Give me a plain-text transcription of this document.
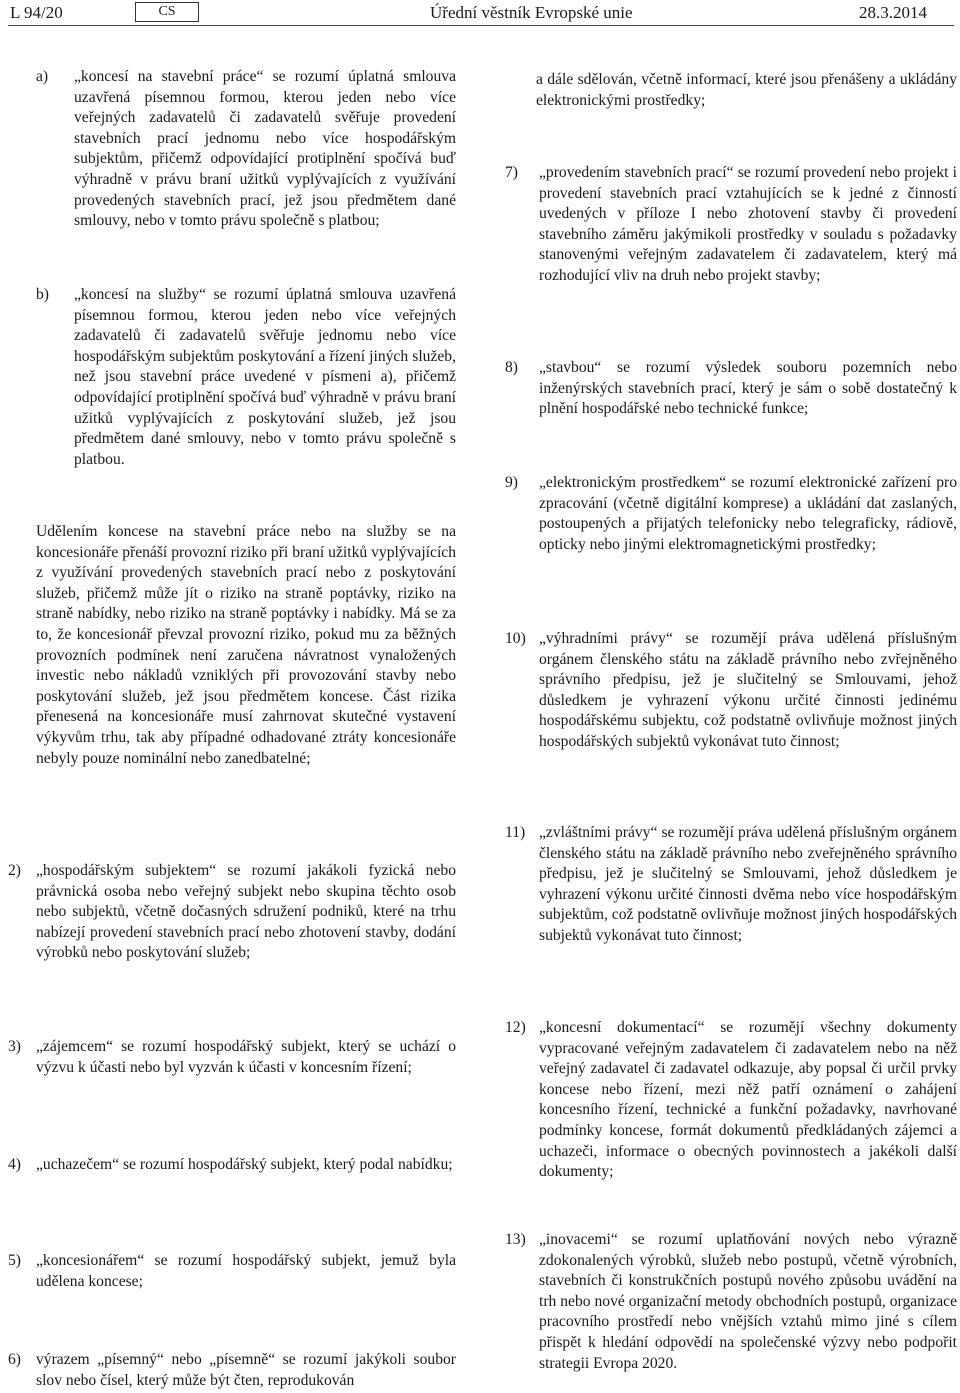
L 94/20	CS	Úřední věstník Evropské unie	28.3.2014
a)	„koncesí na stavební práce“ se rozumí úplatná smlouva uzavřená písemnou formou, kterou jeden nebo více veřejných zadavatelů či zadavatelů svěřuje provedení stavebních prací jednomu nebo více hospodářským subjektům, přičemž odpovídající protiplnění spočívá buď výhradně v právu braní užitků vyplývajících z využívání provedených stavebních prací, jež jsou předmětem dané smlouvy, nebo v tomto právu společně s platbou;
b)	„koncesí na služby“ se rozumí úplatná smlouva uzavřená písemnou formou, kterou jeden nebo více veřejných zadavatelů či zadavatelů svěřuje jednomu nebo více hospodářským subjektům poskytování a řízení jiných služeb, než jsou stavební práce uvedené v písmeni a), přičemž odpovídající protiplnění spočívá buď výhradně v právu braní užitků vyplývajících z poskytování služeb, jež jsou předmětem dané smlouvy, nebo v tomto právu společně s platbou.

Udělením koncese na stavební práce nebo na služby se na koncesionáře přenáší provozní riziko při braní užitků vyplývajících z využívání provedených stavebních prací nebo z poskytování služeb, přičemž může jít o riziko na straně poptávky, riziko na straně nabídky, nebo riziko na straně poptávky i nabídky. Má se za to, že koncesionář převzal provozní riziko, pokud mu za běžných provozních podmínek není zaručena návratnost vynaložených investic nebo nákladů vzniklých při provozování stavby nebo poskytování služeb, jež jsou předmětem koncese. Část rizika přenesená na koncesionáře musí zahrnovat skutečné vystavení výkyvům trhu, tak aby případné odhadované ztráty koncesionáře nebyly pouze nominální nebo zanedbatelné;

2) „hospodářským subjektem“ se rozumí jakákoli fyzická nebo právnická osoba nebo veřejný subjekt nebo skupina těchto osob nebo subjektů, včetně dočasných sdružení podniků, které na trhu nabízejí provedení stavebních prací nebo zhotovení stavby, dodání výrobků nebo poskytování služeb;
3) „zájemcem“ se rozumí hospodářský subjekt, který se uchází o výzvu k účasti nebo byl vyzván k účasti v koncesním řízení;
4) „uchazečem“ se rozumí hospodářský subjekt, který podal nabídku;
5) „koncesionářem“ se rozumí hospodářský subjekt, jemuž byla udělena koncese;
6) výrazem „písemný“ nebo „písemně“ se rozumí jakýkoli soubor slov nebo čísel, který může být čten, reprodukován

a dále sdělován, včetně informací, které jsou přenášeny a ukládány elektronickými prostředky;

7)	„provedením stavebních prací“ se rozumí provedení nebo projekt i provedení stavebních prací vztahujících se k jedné z činností uvedených v příloze I nebo zhotovení stavby či provedení stavebního záměru jakýmikoli prostředky v souladu s požadavky stanovenými veřejným zadavatelem či zadavatelem, který má rozhodující vliv na druh nebo projekt stavby;
8)	„stavbou“ se rozumí výsledek souboru pozemních nebo inženýrských stavebních prací, který je sám o sobě dostatečný k plnění hospodářské nebo technické funkce;
9)	„elektronickým prostředkem“ se rozumí elektronické zařízení pro zpracování (včetně digitální komprese) a ukládání dat zaslaných, postoupených a přijatých telefonicky nebo telegraficky, rádiově, opticky nebo jinými elektromagnetickými prostředky;
10) „výhradními právy“ se rozumějí práva udělená příslušným orgánem členského státu na základě právního nebo zvřejněného správního předpisu, jež je slučitelný se Smlouvami, jehož důsledkem je vyhrazení výkonu určité činnosti jedinému hospodářskému subjektu, což podstatně ovlivňuje možnost jiných hospodářských subjektů vykonávat tuto činnost;
11) „zvláštními právy“ se rozumějí práva udělená příslušným orgánem členského státu na základě právního nebo zveřejněného správního předpisu, jež je slučitelný se Smlouvami, jehož důsledkem je vyhrazení výkonu určité činnosti dvěma nebo více hospodářským subjektům, což podstatně ovlivňuje možnost jiných hospodářských subjektů vykonávat tuto činnost;
12) „koncesní dokumentací“ se rozumějí všechny dokumenty vypracované veřejným zadavatelem či zadavatelem nebo na něž veřejný zadavatel či zadavatel odkazuje, aby popsal či určil prvky koncese nebo řízení, mezi něž patří oznámení o zahájení koncesního řízení, technické a funkční požadavky, navrhované podmínky koncese, formát dokumentů předkládaných zájemci a uchazeči, informace o obecných povinnostech a jakékoli další dokumenty;
13) „inovacemi“ se rozumí uplatňování nových nebo výrazně zdokonalených výrobků, služeb nebo postupů, včetně výrobních, stavebních či konstrukčních postupů nového způsobu uvádění na trh nebo nové organizační metody obchodních postupů, organizace pracovního prostředí nebo vnějších vztahů mimo jiné s cílem přispět k hledání odpovědí na společenské výzvy nebo podpořit strategii Evropa 2020.
